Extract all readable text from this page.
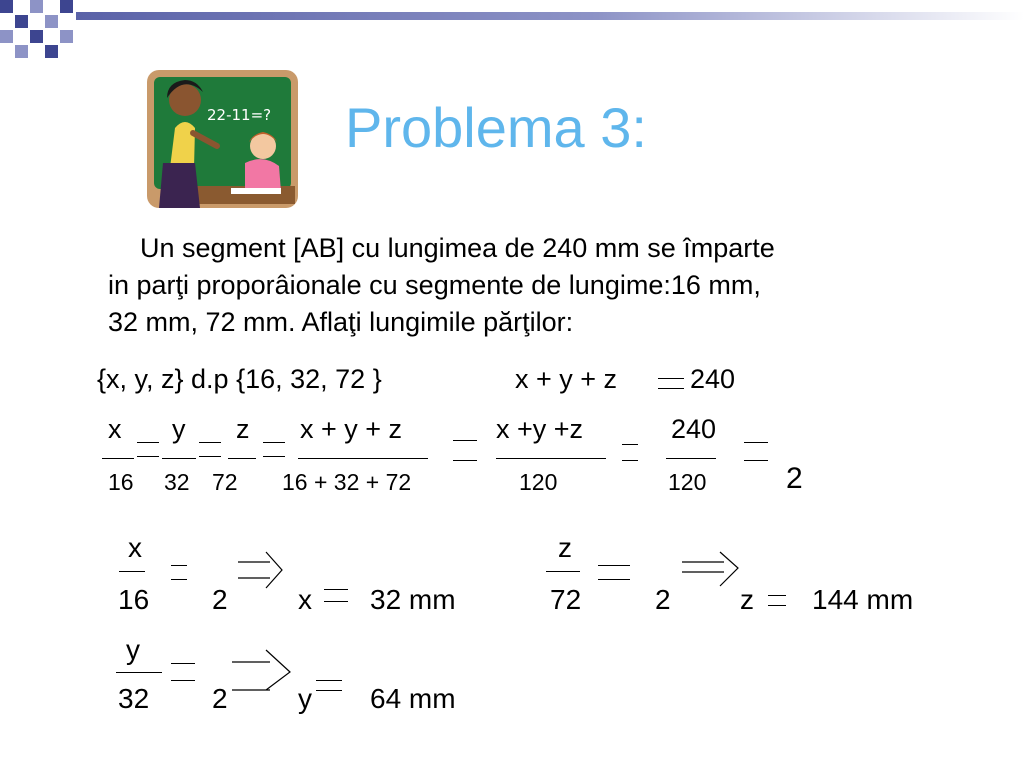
22-11=? Problema 3:
Un segment [AB] cu lungimea de 240 mm se împarte
in parţi proporâionale cu segmente de lungime:16 mm,
32 mm, 72 mm. Aflaţi lungimile părţilor:
{x, y, z} d.p {16, 32, 72 }	x + y + z	240
x y z x + y + z	x +y +z	240
16 32 72 16 + 32 + 72	120	120	2
x
16 2	x 32 mm
z
72	2 z 144 mm
y
32 2	y 64 mm
